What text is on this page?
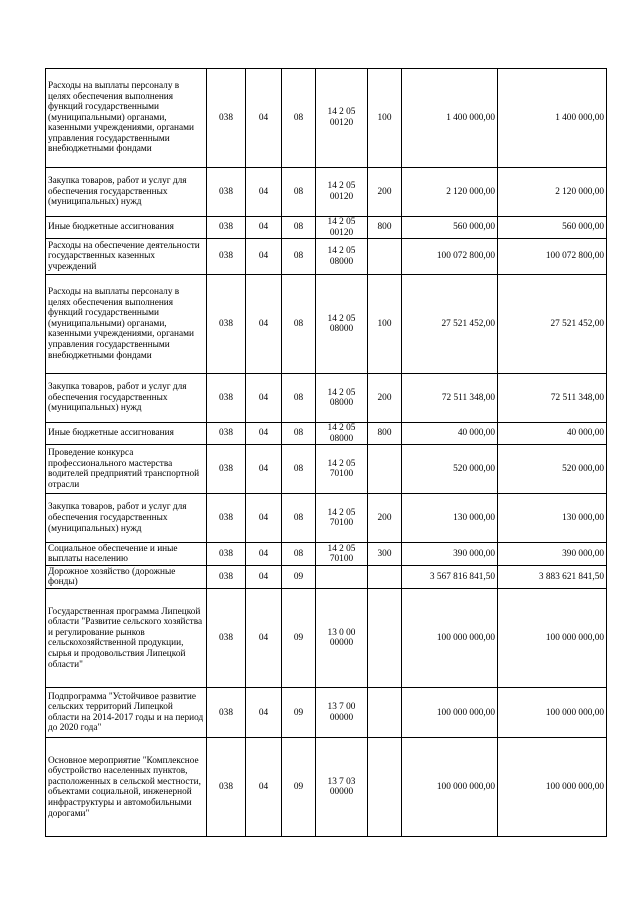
Расходы на выплаты персоналу в целях обеспечения выполнения функций государственными (муниципальными) органами, казенными учреждениями, органами управления государственными внебюджетными фондами	038	04	08	14 2 05 00120	100	1 400 000,00	1 400 000,00
Закупка товаров, работ и услуг для обеспечения государственных (муниципальных) нужд	038	04	08	14 2 05 00120	200	2 120 000,00	2 120 000,00
Иные бюджетные ассигнования	038	04	08	14 2 05 00120	800	560 000,00	560 000,00
Расходы на обеспечение деятельности государственных казенных учреждений	038	04	08	14 2 05 08000		100 072 800,00	100 072 800,00
Расходы на выплаты персоналу в целях обеспечения выполнения функций государственными (муниципальными) органами, казенными учреждениями, органами управления государственными внебюджетными фондами	038	04	08	14 2 05 08000	100	27 521 452,00	27 521 452,00
Закупка товаров, работ и услуг для обеспечения государственных (муниципальных) нужд	038	04	08	14 2 05 08000	200	72 511 348,00	72 511 348,00
Иные бюджетные ассигнования	038	04	08	14 2 05 08000	800	40 000,00	40 000,00
Проведение конкурса профессионального мастерства водителей предприятий транспортной отрасли	038	04	08	14 2 05 70100		520 000,00	520 000,00
Закупка товаров, работ и услуг для обеспечения государственных (муниципальных) нужд	038	04	08	14 2 05 70100	200	130 000,00	130 000,00
Социальное обеспечение и иные выплаты населению	038	04	08	14 2 05 70100	300	390 000,00	390 000,00
Дорожное хозяйство (дорожные фонды)	038	04	09			3 567 816 841,50	3 883 621 841,50
Государственная программа Липецкой области "Развитие сельского хозяйства и регулирование рынков сельскохозяйственной продукции, сырья и продовольствия Липецкой области"	038	04	09	13 0 00 00000		100 000 000,00	100 000 000,00
Подпрограмма "Устойчивое развитие сельских территорий Липецкой области на 2014-2017 годы и на период до 2020 года"	038	04	09	13 7 00 00000		100 000 000,00	100 000 000,00
Основное мероприятие "Комплексное обустройство населенных пунктов, расположенных в сельской местности, объектами социальной, инженерной инфраструктуры и автомобильными дорогами"	038	04	09	13 7 03 00000		100 000 000,00	100 000 000,00
